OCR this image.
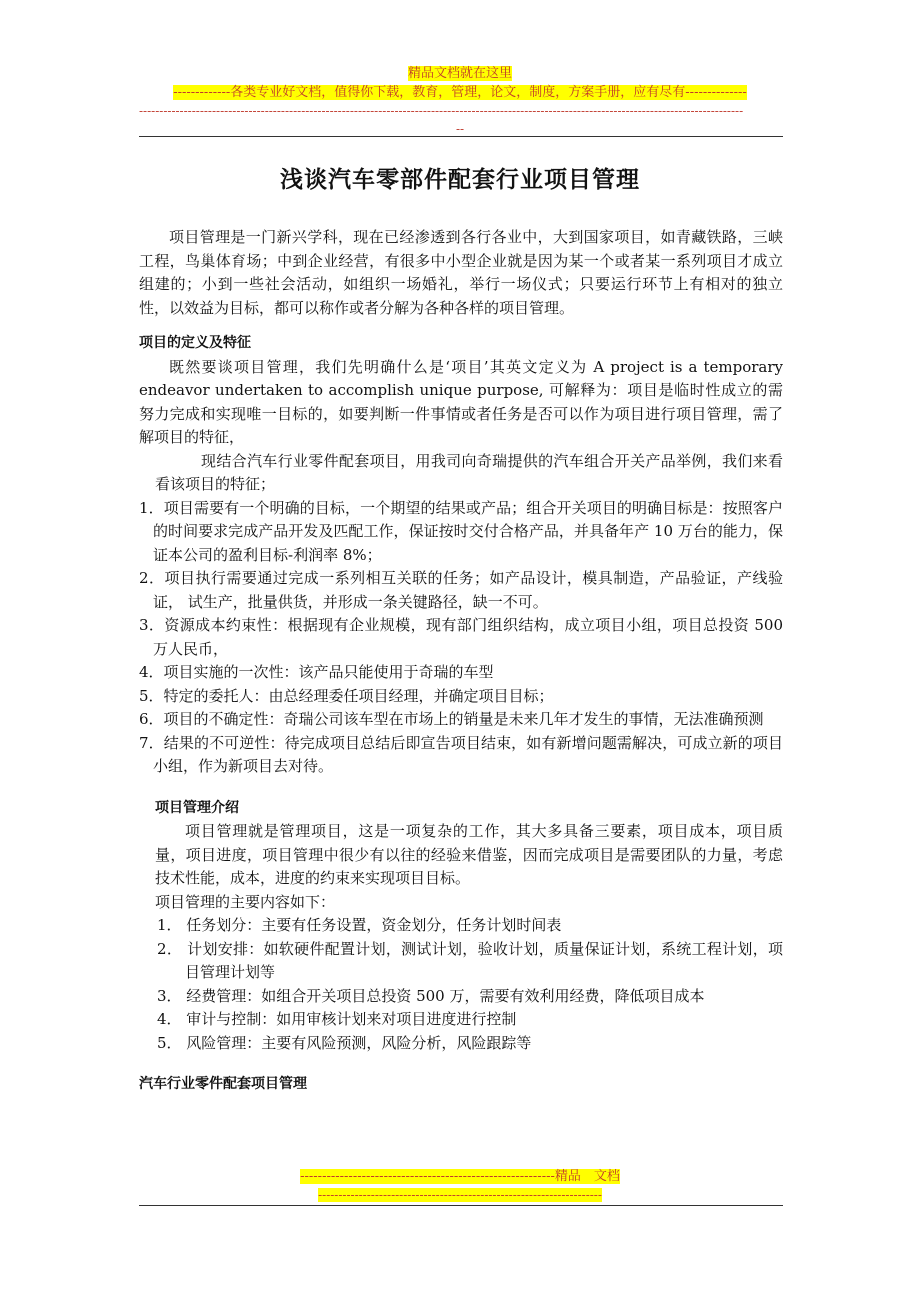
精品文档就在这里
-------------各类专业好文档，值得你下载，教育，管理，论文，制度，方案手册，应有尽有--------------
-----------------------------------------------------------------------------------------------------------------------------------------------------
--
浅谈汽车零部件配套行业项目管理

项目管理是一门新兴学科，现在已经渗透到各行各业中，大到国家项目，如青藏铁路，三峡工程，鸟巢体育场；中到企业经营，有很多中小型企业就是因为某一个或者某一系列项目才成立组建的；小到一些社会活动，如组织一场婚礼，举行一场仪式；只要运行环节上有相对的独立性，以效益为目标，都可以称作或者分解为各种各样的项目管理。

项目的定义及特征

既然要谈项目管理，我们先明确什么是‘项目’其英文定义为 A project is a temporary endeavor undertaken to accomplish unique purpose, 可解释为：项目是临时性成立的需努力完成和实现唯一目标的，如要判断一件事情或者任务是否可以作为项目进行项目管理，需了解项目的特征，

现结合汽车行业零件配套项目，用我司向奇瑞提供的汽车组合开关产品举例，我们来看看该项目的特征；

1．项目需要有一个明确的目标，一个期望的结果或产品；组合开关项目的明确目标是：按照客户的时间要求完成产品开发及匹配工作，保证按时交付合格产品，并具备年产 10 万台的能力，保证本公司的盈利目标-利润率 8%；

2．项目执行需要通过完成一系列相互关联的任务；如产品设计，模具制造，产品验证，产线验证， 试生产，批量供货，并形成一条关键路径，缺一不可。

3．资源成本约束性：根据现有企业规模，现有部门组织结构，成立项目小组，项目总投资 500 万人民币，

4．项目实施的一次性：该产品只能使用于奇瑞的车型

5．特定的委托人：由总经理委任项目经理，并确定项目目标；

6．项目的不确定性：奇瑞公司该车型在市场上的销量是未来几年才发生的事情，无法准确预测

7．结果的不可逆性：待完成项目总结后即宣告项目结束，如有新增问题需解决，可成立新的项目小组，作为新项目去对待。

项目管理介绍

项目管理就是管理项目，这是一项复杂的工作，其大多具备三要素，项目成本，项目质量，项目进度，项目管理中很少有以往的经验来借鉴，因而完成项目是需要团队的力量，考虑技术性能，成本，进度的约束来实现项目目标。

项目管理的主要内容如下：

1． 任务划分：主要有任务设置，资金划分，任务计划时间表

2． 计划安排：如软硬件配置计划，测试计划，验收计划，质量保证计划，系统工程计划，项目管理计划等

3． 经费管理：如组合开关项目总投资 500 万，需要有效利用经费，降低项目成本

4． 审计与控制：如用审核计划来对项目进度进行控制

5． 风险管理：主要有风险预测，风险分析，风险跟踪等

汽车行业零件配套项目管理

----------------------------------------------------------精品　文档
----------------------------------------------------------------------
